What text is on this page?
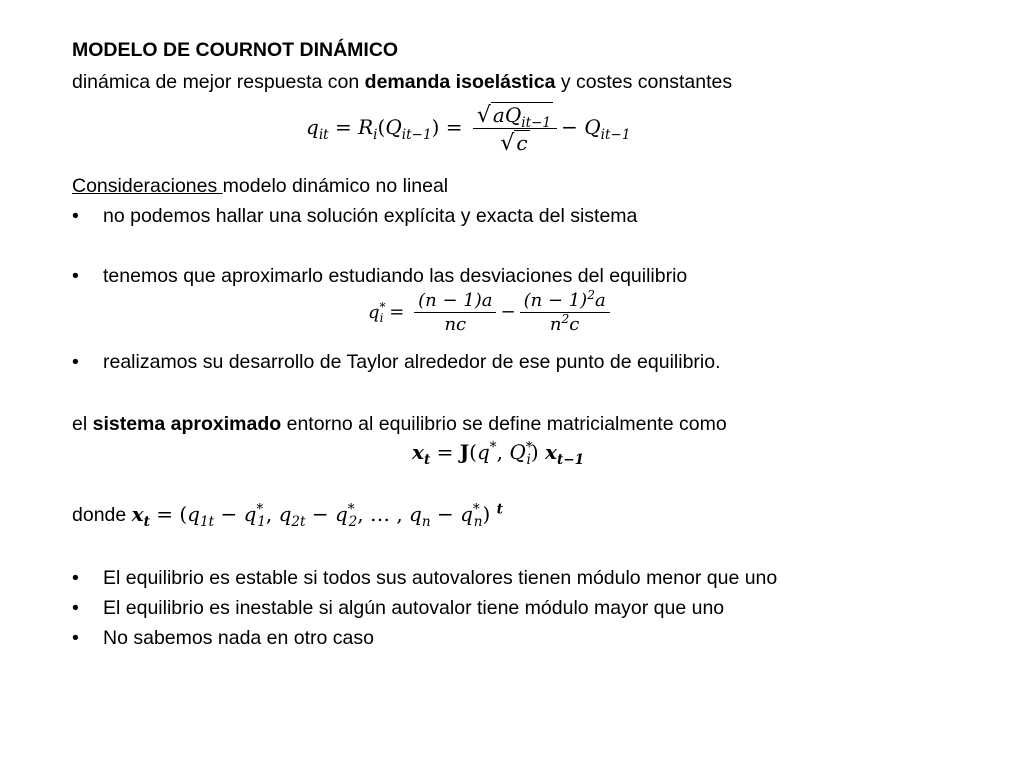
MODELO DE COURNOT DINÁMICO
dinámica de mejor respuesta con demanda isoelástica y costes constantes
$q_{it} = R_i(Q_{it-1}) = \frac{√ aQ_{it-1}}{√ c} - Q_{it-1}$
Consideraciones modelo dinámico no lineal
• no podemos hallar una solución explícita y exacta del sistema
• tenemos que aproximarlo estudiando las desviaciones del equilibrio
$q^*_i = \frac{(n - 1)a}{nc} - \frac{(n - 1)^2a}{n^2c}$
• realizamos su desarrollo de Taylor alrededor de ese punto de equilibrio.
el sistema aproximado entorno al equilibrio se define matricialmente como
$x_t = J(q^*$, $Q^*_i$) $x_{t-1}$
donde $x_t = (q_{1t} - q^*_1$, $q_{2t} - q^*_2$, … , $q_n - q^*_n$) $^t$
• El equilibrio es estable si todos sus autovalores tienen módulo menor que uno
• El equilibrio es inestable si algún autovalor tiene módulo mayor que uno
• No sabemos nada en otro caso
